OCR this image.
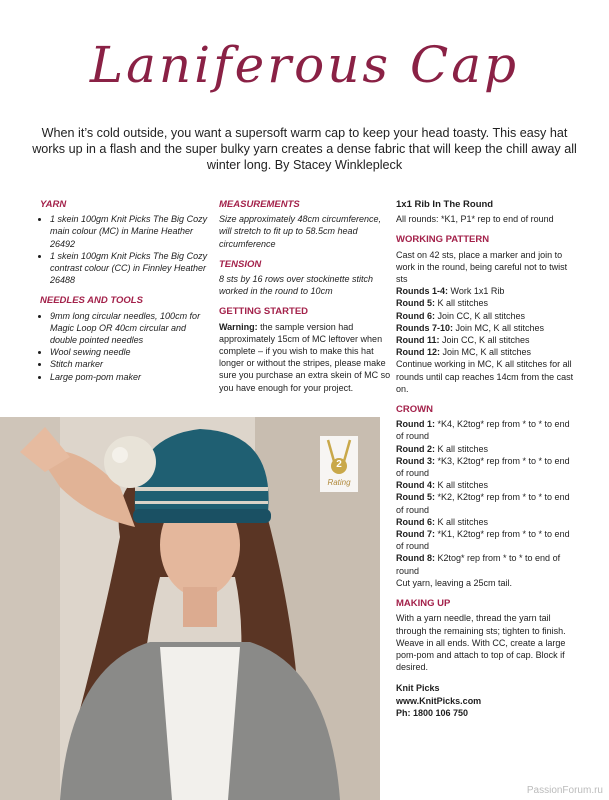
Laniferous Cap
When it’s cold outside, you want a supersoft warm cap to keep your head toasty. This easy hat works up in a flash and the super bulky yarn creates a dense fabric that will keep the chill away all winter long. By Stacey Winklepleck
YARN
• 1 skein 100gm Knit Picks The Big Cozy main colour (MC) in Marine Heather 26492
• 1 skein 100gm Knit Picks The Big Cozy contrast colour (CC) in Finnley Heather 26488
NEEDLES AND TOOLS
• 9mm long circular needles, 100cm for Magic Loop OR 40cm circular and double pointed needles
• Wool sewing needle
• Stitch marker
• Large pom-pom maker
MEASUREMENTS
Size approximately 48cm circumference, will stretch to fit up to 58.5cm head circumference
TENSION
8 sts by 16 rows over stockinette stitch worked in the round to 10cm
GETTING STARTED
Warning: the sample version had approximately 15cm of MC leftover when complete – if you wish to make this hat longer or without the stripes, please make sure you purchase an extra skein of MC so you have enough for your project.
1x1 Rib In The Round
All rounds: *K1, P1* rep to end of round
WORKING PATTERN
Cast on 42 sts, place a marker and join to work in the round, being careful not to twist sts
Rounds 1-4: Work 1x1 Rib
Round 5: K all stitches
Round 6: Join CC, K all stitches
Rounds 7-10: Join MC, K all stitches
Round 11: Join CC, K all stitches
Round 12: Join MC, K all stitches
Continue working in MC, K all stitches for all rounds until cap reaches 14cm from the cast on.
CROWN
Round 1: *K4, K2tog* rep from * to * to end of round
Round 2: K all stitches
Round 3: *K3, K2tog* rep from * to * to end of round
Round 4: K all stitches
Round 5: *K2, K2tog* rep from * to * to end of round
Round 6: K all stitches
Round 7: *K1, K2tog* rep from * to * to end of round
Round 8: K2tog* rep from * to * to end of round
Cut yarn, leaving a 25cm tail.
MAKING UP
With a yarn needle, thread the yarn tail through the remaining sts; tighten to finish. Weave in all ends. With CC, create a large pom-pom and attach to top of cap. Block if desired.
Knit Picks
www.KnitPicks.com
Ph: 1800 106 750
2
Rating
PassionForum.ru
